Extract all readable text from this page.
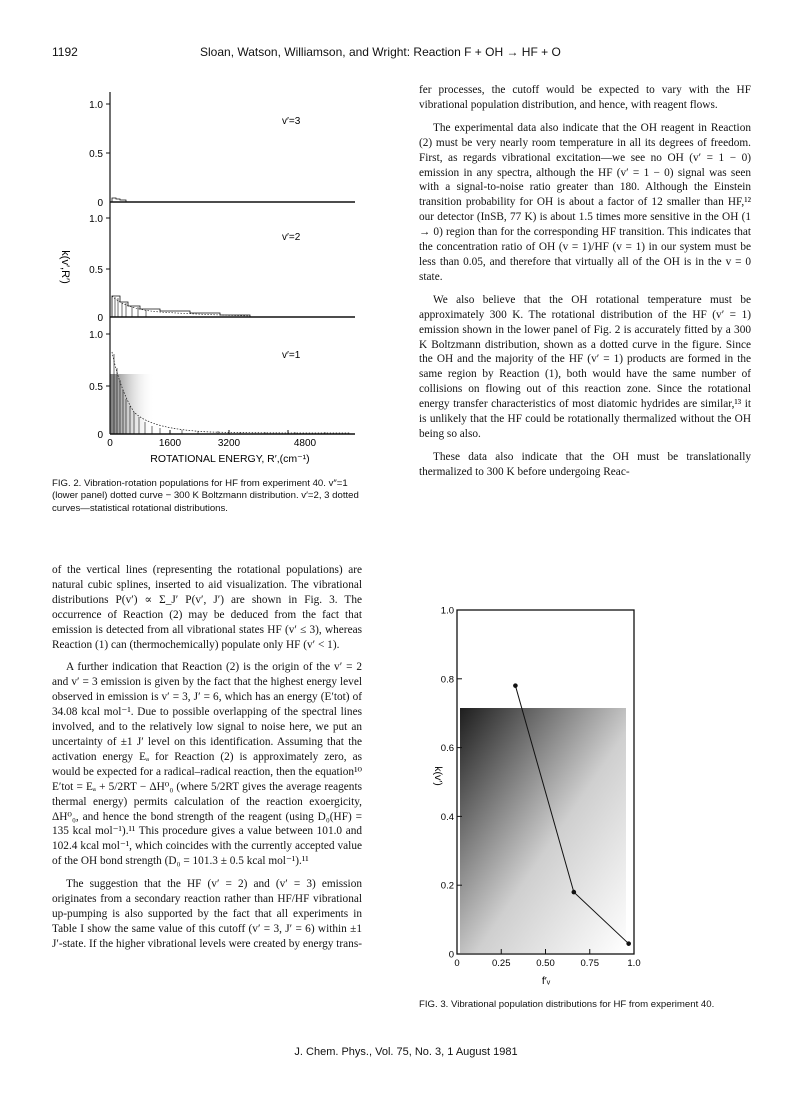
1192	Sloan, Watson, Williamson, and Wright: Reaction F + OH → HF + O
k(v′,R′)
1.0
0.5
0
v′=3
1.0
0.5
0
v′=2
1.0
0.5
0
v′=1
0	1600	3200	4800
ROTATIONAL ENERGY, R′,(cm⁻¹)
FIG. 2. Vibration-rotation populations for HF from experiment 40. v″=1 (lower panel) dotted curve − 300 K Boltzmann distribution. v′=2, 3 dotted curves—statistical rotational distributions.

of the vertical lines (representing the rotational populations) are natural cubic splines, inserted to aid visualization. The vibrational distributions P(v′) ∝ Σ_J′ P(v′, J′) are shown in Fig. 3. The occurrence of Reaction (2) may be deduced from the fact that emission is detected from all vibrational states HF (v′ ≤ 3), whereas Reaction (1) can (thermochemically) populate only HF (v′ < 1).

A further indication that Reaction (2) is the origin of the v′ = 2 and v′ = 3 emission is given by the fact that the highest energy level observed in emission is v′ = 3, J′ = 6, which has an energy (E′tot) of 34.08 kcal mol⁻¹. Due to possible overlapping of the spectral lines involved, and to the relatively low signal to noise here, we put an uncertainty of ±1 J′ level on this identification. Assuming that the activation energy Eₐ for Reaction (2) is approximately zero, as would be expected for a radical–radical reaction, then the equation¹⁰ E′tot = Eₐ + 5/2RT − ΔH⁰₀ (where 5/2RT gives the average reagents thermal energy) permits calculation of the reaction exoergicity, ΔH⁰₀, and hence the bond strength of the reagent (using D₀(HF) = 135 kcal mol⁻¹).¹¹ This procedure gives a value between 101.0 and 102.4 kcal mol⁻¹, which coincides with the currently accepted value of the OH bond strength (D₀ = 101.3 ± 0.5 kcal mol⁻¹).¹¹

The suggestion that the HF (v′ = 2) and (v′ = 3) emission originates from a secondary reaction rather than HF/HF vibrational up-pumping is also supported by the fact that all experiments in Table I show the same value of this cutoff (v′ = 3, J′ = 6) within ±1 J′-state. If the higher vibrational levels were created by energy trans-

fer processes, the cutoff would be expected to vary with the HF vibrational population distribution, and hence, with reagent flows.

The experimental data also indicate that the OH reagent in Reaction (2) must be very nearly room temperature in all its degrees of freedom. First, as regards vibrational excitation—we see no OH (v′ = 1 − 0) emission in any spectra, although the HF (v′ = 1 − 0) signal was seen with a signal-to-noise ratio greater than 180. Although the Einstein transition probability for OH is about a factor of 12 smaller than HF,¹² our detector (InSB, 77 K) is about 1.5 times more sensitive in the OH (1 → 0) region than for the corresponding HF transition. This indicates that the concentration ratio of OH (v = 1)/HF (v = 1) in our system must be less than 0.05, and therefore that virtually all of the OH is in the v = 0 state.

We also believe that the OH rotational temperature must be approximately 300 K. The rotational distribution of the HF (v′ = 1) emission shown in the lower panel of Fig. 2 is accurately fitted by a 300 K Boltzmann distribution, shown as a dotted curve in the figure. Since the OH and the majority of the HF (v′ = 1) products are formed in the same region by Reaction (1), both would have the same number of collisions on flowing out of this reaction zone. Since the rotational energy transfer characteristics of most diatomic hydrides are similar,¹³ it is unlikely that the HF could be rotationally thermalized without the OH being so also.

These data also indicate that the OH must be translationally thermalized to 300 K before undergoing Reac-

0
0.2
0.4
0.6
0.8
1.0
0	0.25	0.50	0.75	1.0
k(v′)
f′ᵥ
FIG. 3. Vibrational population distributions for HF from experiment 40.
J. Chem. Phys., Vol. 75, No. 3, 1 August 1981
